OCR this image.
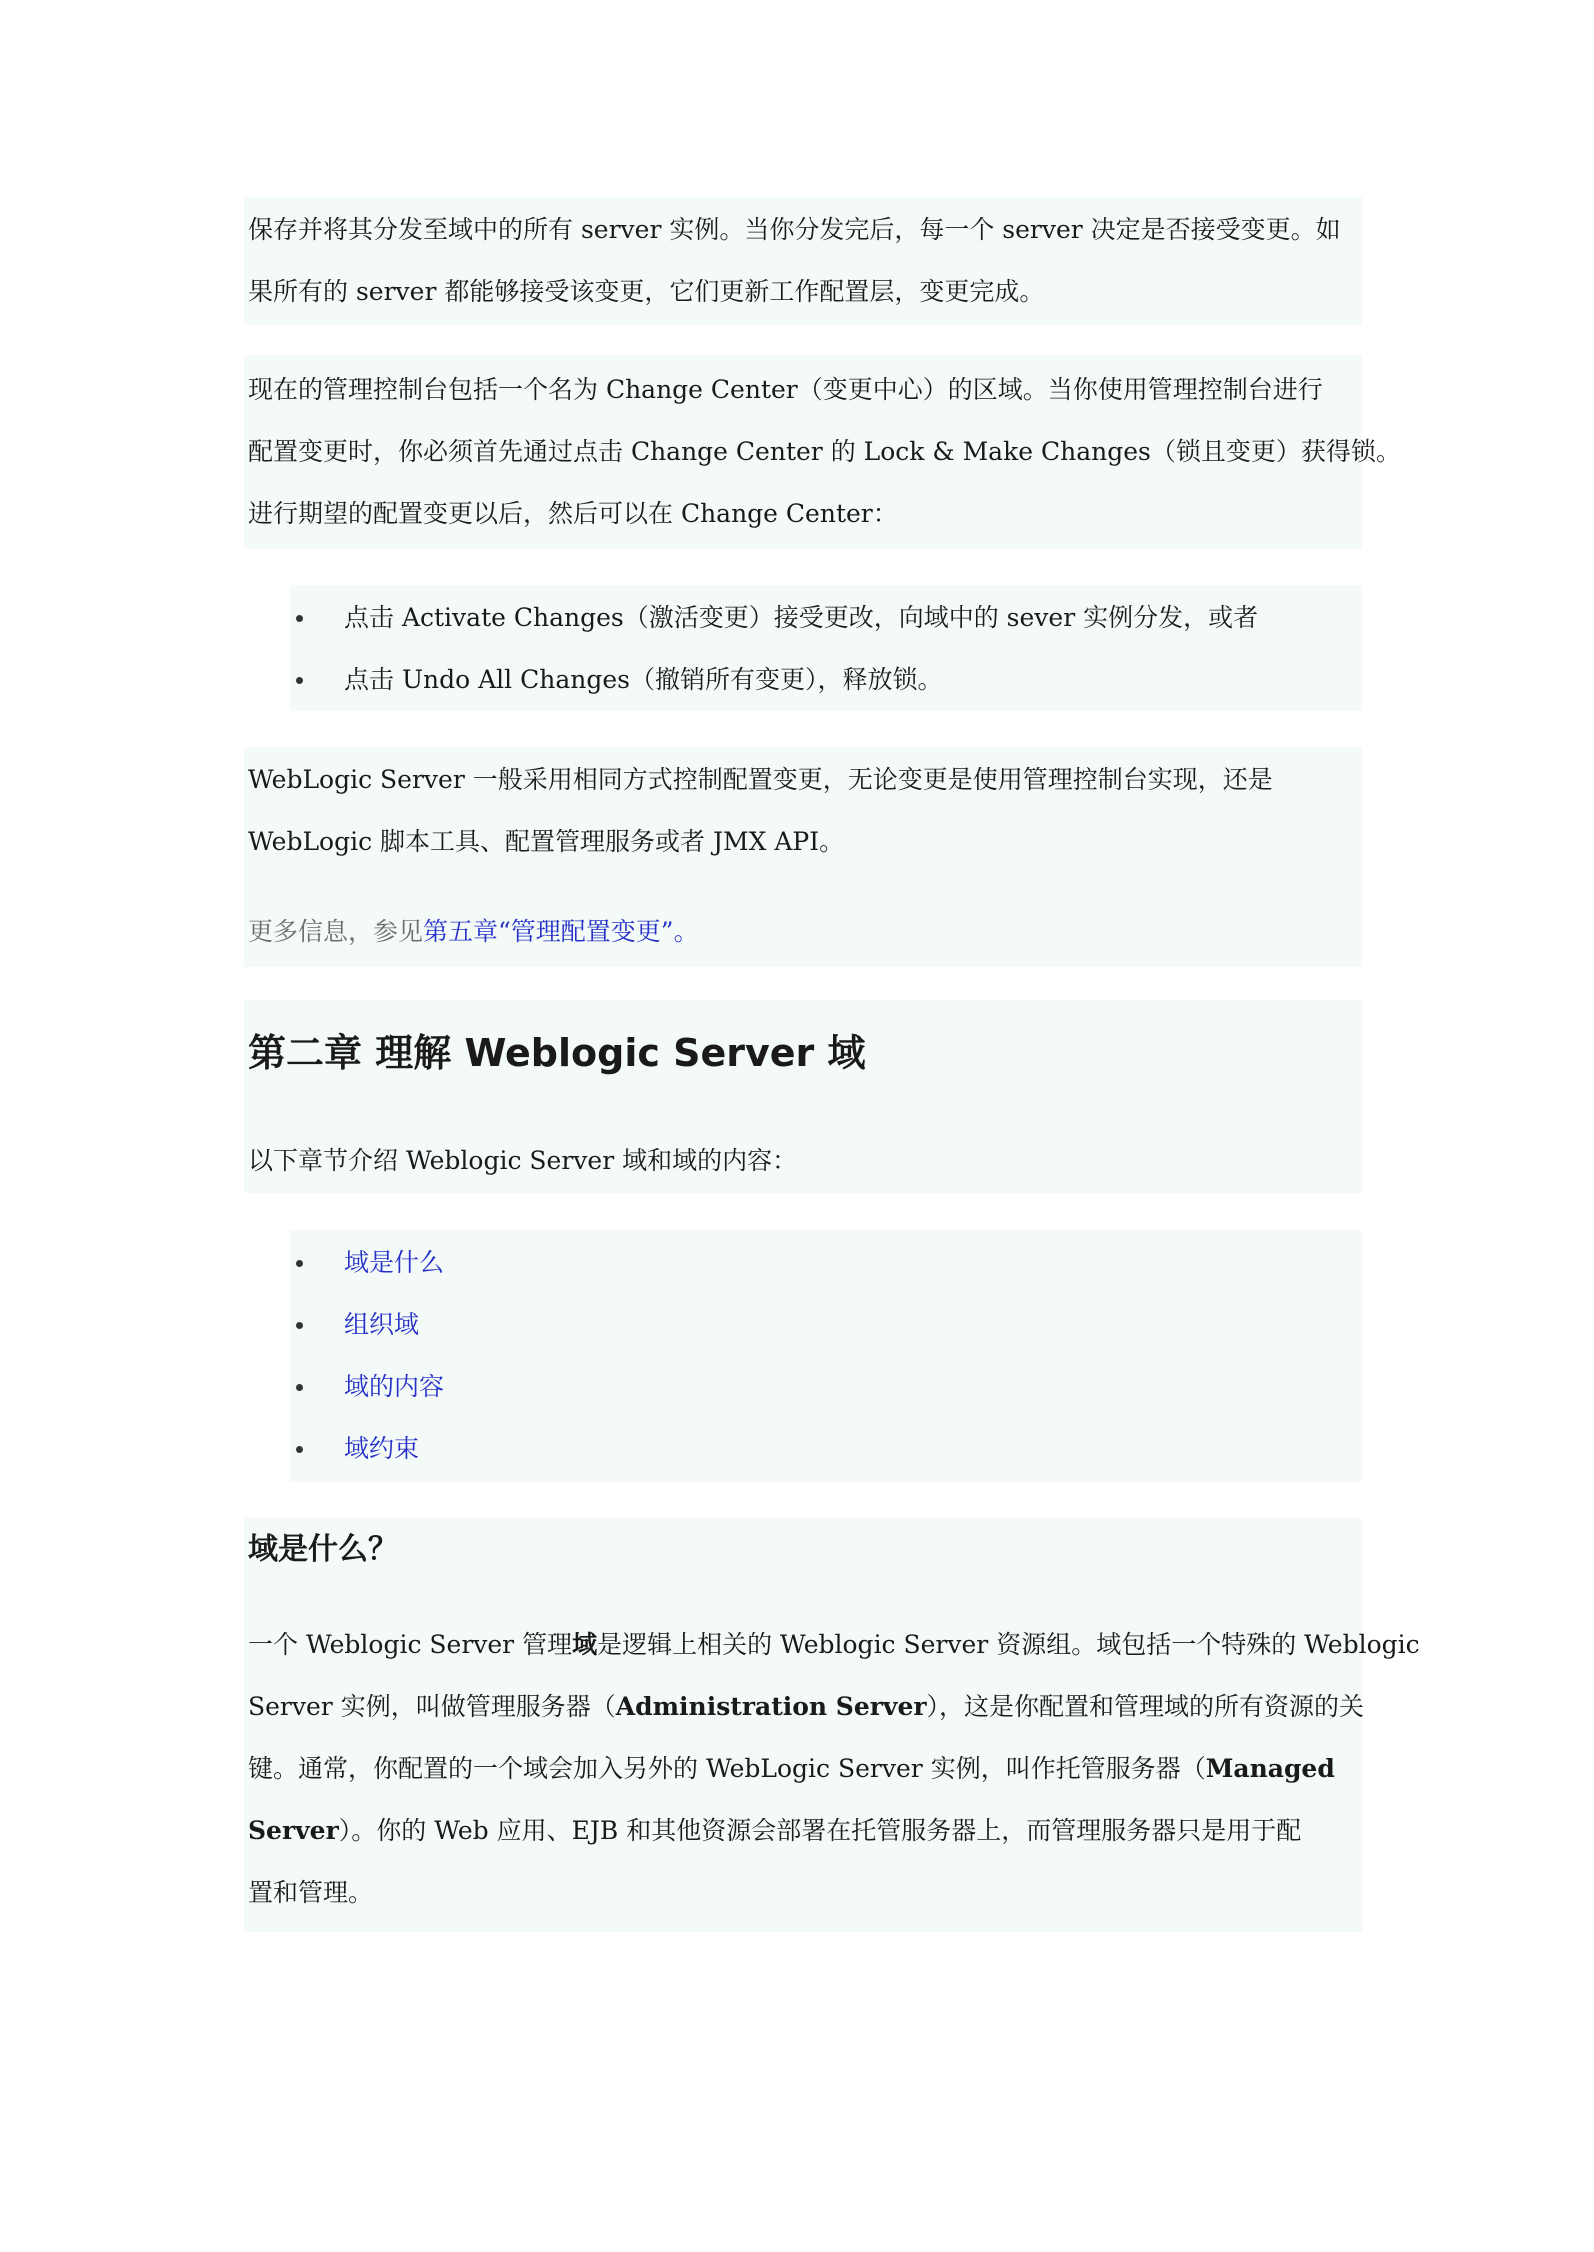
保存并将其分发至域中的所有 server 实例。当你分发完后，每一个 server 决定是否接受变更。如

果所有的 server 都能够接受该变更，它们更新工作配置层，变更完成。

现在的管理控制台包括一个名为 Change Center（变更中心）的区域。当你使用管理控制台进行

配置变更时，你必须首先通过点击 Change Center 的 Lock & Make Changes（锁且变更）获得锁。

进行期望的配置变更以后，然后可以在 Change Center：

点击 Activate Changes（激活变更）接受更改，向域中的 sever 实例分发，或者
点击 Undo All Changes（撤销所有变更），释放锁。

WebLogic Server 一般采用相同方式控制配置变更，无论变更是使用管理控制台实现，还是

WebLogic 脚本工具、配置管理服务或者 JMX API。

更多信息，参见第五章“管理配置变更”。

第二章 理解 Weblogic Server 域

以下章节介绍 Weblogic Server 域和域的内容：

域是什么
组织域
域的内容
域约束
域是什么？

一个 Weblogic Server 管理域是逻辑上相关的 Weblogic Server 资源组。域包括一个特殊的 Weblogic

Server 实例，叫做管理服务器（Administration Server），这是你配置和管理域的所有资源的关

键。通常，你配置的一个域会加入另外的 WebLogic Server 实例，叫作托管服务器（Managed

Server）。你的 Web 应用、EJB 和其他资源会部署在托管服务器上，而管理服务器只是用于配

置和管理。
